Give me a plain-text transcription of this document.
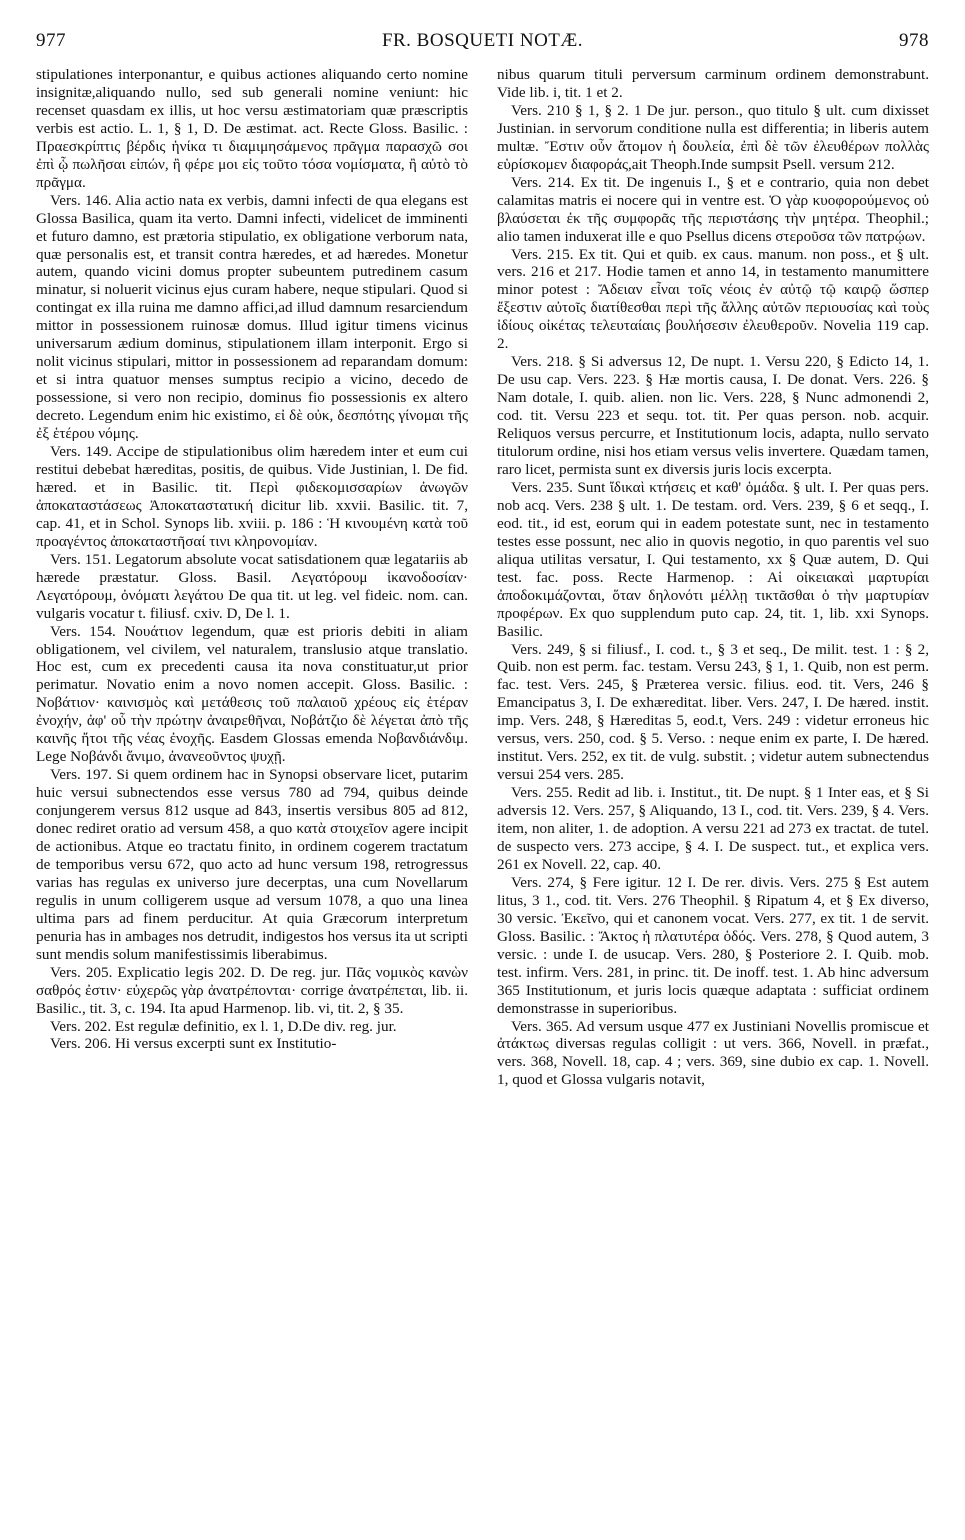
977	FR. BOSQUETI NOTÆ.	978

stipulationes interponantur, e quibus actiones aliquando certo nomine insignitæ,aliquando nullo, sed sub generali nomine veniunt: hic recenset quasdam ex illis, ut hoc versu æstimatoriam quæ præscriptis verbis est actio. L. 1, § 1, D. De æstimat. act. Recte Gloss. Basilic. : Πραεσκρίπτις βέρδις ἡνίκα τι διαμιμησάμενος πρᾶγμα παρασχῶ σοι ἐπὶ ᾧ πωλῆσαι εἰπών, ἢ φέρε μοι εἰς τοῦτο τόσα νομίσματα, ἢ αὐτὸ τὸ πρᾶγμα.

Vers. 146. Alia actio nata ex verbis, damni infecti de qua elegans est Glossa Basilica, quam ita verto. Damni infecti, videlicet de imminenti et futuro damno, est prætoria stipulatio, ex obligatione verborum nata, quæ personalis est, et transit contra hæredes, et ad hæredes. Monetur autem, quando vicini domus propter subeuntem putredinem casum minatur, si noluerit vicinus ejus curam habere, neque stipulari. Quod si contingat ex illa ruina me damno affici,ad illud damnum resarciendum mittor in possessionem ruinosæ domus. Illud igitur timens vicinus universarum ædium dominus, stipulationem illam interponit. Ergo si nolit vicinus stipulari, mittor in possessionem ad reparandam domum: et si intra quatuor menses sumptus recipio a vicino, decedo de possessione, si vero non recipio, dominus fio possessionis ex altero decreto. Legendum enim hic existimo, εἰ δὲ οὐκ, δεσπότης γίνομαι τῆς ἐξ ἑτέρου νόμης.

Vers. 149. Accipe de stipulationibus olim hæredem inter et eum cui restitui debebat hæreditas, positis, de quibus. Vide Justinian, l. De fid. hæred. et in Basilic. tit. Περὶ φιδεκομισσαρίων ἀνωγῶν ἀποκαταστάσεως Ἀποκαταστατική dicitur lib. xxvii. Basilic. tit. 7, cap. 41, et in Schol. Synops lib. xviii. p. 186 : Ἡ κινουμένη κατὰ τοῦ προαγέντος ἀποκαταστῆσαί τινι κληρονομίαν.

Vers. 151. Legatorum absolute vocat satisdationem quæ legatariis ab hærede præstatur. Gloss. Basil. Λεγατόρουμ ἱκανοδοσίαν· Λεγατόρουμ, ὀνόματι λεγάτου De qua tit. ut leg. vel fideic. nom. can. vulgaris vocatur t. filiusf. cxiv. D, De l. 1.

Vers. 154. Νουάτιον legendum, quæ est prioris debiti in aliam obligationem, vel civilem, vel naturalem, translusio atque translatio. Hoc est, cum ex precedenti causa ita nova constituatur,ut prior perimatur. Novatio enim a novo nomen accepit. Gloss. Basilic. : Νοβάτιον· καινισμὸς καὶ μετάθεσις τοῦ παλαιοῦ χρέους εἰς ἑτέραν ἐνοχήν, ἀφ' οὗ τὴν πρώτην ἀναιρεθῆναι, Νοβάτζιο δὲ λέγεται ἀπὸ τῆς καινῆς ἤτοι τῆς νέας ἐνοχῆς. Easdem Glossas emenda Νοβανδιάνδιμ. Lege Νοβάνδι ἄνιμο, ἀνανεοῦντος ψυχῇ.

Vers. 197. Si quem ordinem hac in Synopsi observare licet, putarim huic versui subnectendos esse versus 780 ad 794, quibus deinde conjungerem versus 812 usque ad 843, insertis versibus 805 ad 812, donec rediret oratio ad versum 458, a quo κατὰ στοιχεῖον agere incipit de actionibus. Atque eo tractatu finito, in ordinem cogerem tractatum de temporibus versu 672, quo acto ad hunc versum 198, retrogressus varias has regulas ex universo jure decerptas, una cum Novellarum regulis in unum colligerem usque ad versum 1078, a quo una linea ultima pars ad finem perducitur. At quia Græcorum interpretum penuria has in ambages nos detrudit, indigestos hos versus ita ut scripti sunt mendis solum manifestissimis liberabimus.

Vers. 205. Explicatio legis 202. D. De reg. jur. Πᾶς νομικὸς κανὼν σαθρός ἐστιν· εὐχερῶς γὰρ ἀνατρέπονται· corrige ἀνατρέπεται, lib. ii. Basilic., tit. 3, c. 194. Ita apud Harmenop. lib. vi, tit. 2, § 35.

Vers. 202. Est regulæ definitio, ex l. 1, D.De div. reg. jur.

Vers. 206. Hi versus excerpti sunt ex Institutio-

nibus quarum tituli perversum carminum ordinem demonstrabunt. Vide lib. i, tit. 1 et 2.

Vers. 210 § 1, § 2. 1 De jur. person., quo titulo § ult. cum dixisset Justinian. in servorum conditione nulla est differentia; in liberis autem multæ. Ἔστιν οὖν ἄτομον ἡ δουλεία, ἐπὶ δὲ τῶν ἐλευθέρων πολλὰς εὑρίσκομεν διαφοράς,ait Theoph.Inde sumpsit Psell. versum 212.

Vers. 214. Ex tit. De ingenuis I., § et e contrario, quia non debet calamitas matris ei nocere qui in ventre est. Ὁ γὰρ κυοφορούμενος οὐ βλαύσεται ἐκ τῆς συμφορᾶς τῆς περιστάσης τὴν μητέρα. Theophil.; alio tamen induxerat ille e quo Psellus dicens στεροῦσα τῶν πατρῴων.

Vers. 215. Ex tit. Qui et quib. ex caus. manum. non poss., et § ult. vers. 216 et 217. Hodie tamen et anno 14, in testamento manumittere minor potest : Ἄδειαν εἶναι τοῖς νέοις ἐν αὐτῷ τῷ καιρῷ ὥσπερ ἔξεστιν αὐτοῖς διατίθεσθαι περὶ τῆς ἄλλης αὐτῶν περιουσίας καὶ τοὺς ἰδίους οἰκέτας τελευταίαις βουλήσεσιν ἐλευθεροῦν. Novelia 119 cap. 2.

Vers. 218. § Si adversus 12, De nupt. 1. Versu 220, § Edicto 14, 1. De usu cap. Vers. 223. § Hæ mortis causa, I. De donat. Vers. 226. § Nam dotale, I. quib. alien. non lic. Vers. 228, § Nunc admonendi 2, cod. tit. Versu 223 et sequ. tot. tit. Per quas person. nob. acquir. Reliquos versus percurre, et Institutionum locis, adapta, nullo servato titulorum ordine, nisi hos etiam versus velis invertere. Quædam tamen, raro licet, permista sunt ex diversis juris locis excerpta.

Vers. 235. Sunt ἴδικαὶ κτήσεις et καθ' ὁμάδα. § ult. I. Per quas pers. nob acq. Vers. 238 § ult. 1. De testam. ord. Vers. 239, § 6 et seqq., I. eod. tit., id est, eorum qui in eadem potestate sunt, nec in testamento testes esse possunt, nec alio in quovis negotio, in quo parentis vel suo aliqua utilitas versatur, I. Qui testamento, xx § Quæ autem, D. Qui test. fac. poss. Recte Harmenop. : Αἱ οἰκειακαὶ μαρτυρίαι ἀποδοκιμάζονται, ὅταν δηλονότι μέλλῃ τικτᾶσθαι ὁ τὴν μαρτυρίαν προφέρων. Ex quo supplendum puto cap. 24, tit. 1, lib. xxi Synops. Basilic.

Vers. 249, § si filiusf., I. cod. t., § 3 et seq., De milit. test. 1 : § 2, Quib. non est perm. fac. testam. Versu 243, § 1, 1. Quib, non est perm. fac. test. Vers. 245, § Præterea versic. filius. eod. tit. Vers, 246 § Emancipatus 3, I. De exhæreditat. liber. Vers. 247, I. De hæred. instit. imp. Vers. 248, § Hæreditas 5, eod.t, Vers. 249 : videtur erroneus hic versus, vers. 250, cod. § 5. Verso. : neque enim ex parte, I. De hæred. institut. Vers. 252, ex tit. de vulg. substit. ; videtur autem subnectendus versui 254 vers. 285.

Vers. 255. Redit ad lib. i. Institut., tit. De nupt. § 1 Inter eas, et § Si adversis 12. Vers. 257, § Aliquando, 13 I., cod. tit. Vers. 239, § 4. Vers. item, non aliter, 1. de adoption. A versu 221 ad 273 ex tractat. de tutel. de suspecto vers. 273 accipe, § 4. I. De suspect. tut., et explica vers. 261 ex Novell. 22, cap. 40.

Vers. 274, § Fere igitur. 12 I. De rer. divis. Vers. 275 § Est autem litus, 3 1., cod. tit. Vers. 276 Theophil. § Ripatum 4, et § Ex diverso, 30 versic. Ἐκεῖνο, qui et canonem vocat. Vers. 277, ex tit. 1 de servit. Gloss. Basilic. : Ἄκτος ἡ πλατυτέρα ὁδός. Vers. 278, § Quod autem, 3 versic. : unde I. de usucap. Vers. 280, § Posteriore 2. I. Quib. mob. test. infirm. Vers. 281, in princ. tit. De inoff. test. 1. Ab hinc adversum 365 Institutionum, et juris locis quæque adaptata : sufficiat ordinem demonstrasse in superioribus.

Vers. 365. Ad versum usque 477 ex Justiniani Novellis promiscue et ἀτάκτως diversas regulas colligit : ut vers. 366, Novell. in præfat., vers. 368, Novell. 18, cap. 4 ; vers. 369, sine dubio ex cap. 1. Novell. 1, quod et Glossa vulgaris notavit,
